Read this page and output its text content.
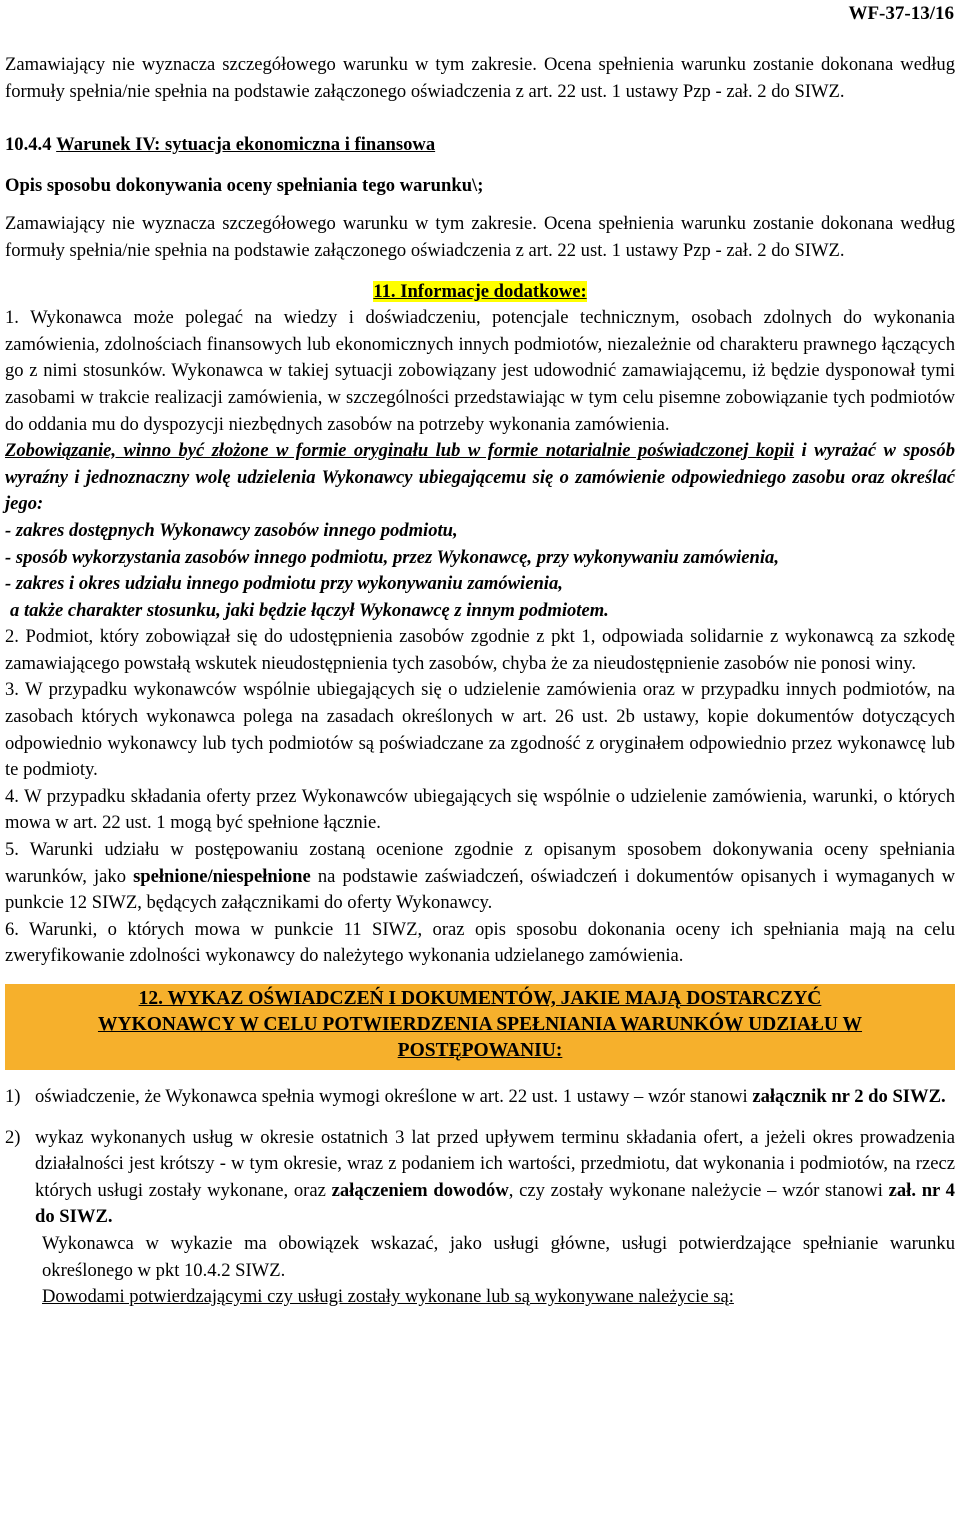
WF-37-13/16

Zamawiający nie wyznacza szczegółowego warunku w tym zakresie. Ocena spełnienia warunku zostanie dokonana według formuły spełnia/nie spełnia na podstawie załączonego oświadczenia z art. 22 ust. 1 ustawy Pzp - zał. 2 do SIWZ.

10.4.4 Warunek IV: sytuacja ekonomiczna i finansowa

Opis sposobu dokonywania oceny spełniania tego warunku\;

Zamawiający nie wyznacza szczegółowego warunku w tym zakresie. Ocena spełnienia warunku zostanie dokonana według formuły spełnia/nie spełnia na podstawie załączonego oświadczenia z art. 22 ust. 1 ustawy Pzp - zał. 2 do SIWZ.

11. Informacje dodatkowe:

1. Wykonawca może polegać na wiedzy i doświadczeniu, potencjale technicznym, osobach zdolnych do wykonania zamówienia, zdolnościach finansowych lub ekonomicznych innych podmiotów, niezależnie od charakteru prawnego łączących go z nimi stosunków. Wykonawca w takiej sytuacji zobowiązany jest udowodnić zamawiającemu, iż będzie dysponował tymi zasobami w trakcie realizacji zamówienia, w szczególności przedstawiając w tym celu pisemne zobowiązanie tych podmiotów do oddania mu do dyspozycji niezbędnych zasobów na potrzeby wykonania zamówienia.

Zobowiązanie, winno być złożone w formie oryginału lub w formie notarialnie poświadczonej kopii i wyrażać w sposób wyraźny i jednoznaczny wolę udzielenia Wykonawcy ubiegającemu się o zamówienie odpowiedniego zasobu oraz określać jego:

- zakres dostępnych Wykonawcy zasobów innego podmiotu,

- sposób wykorzystania zasobów innego podmiotu, przez Wykonawcę, przy wykonywaniu zamówienia,

- zakres i okres udziału innego podmiotu przy wykonywaniu zamówienia,

a także charakter stosunku, jaki będzie łączył Wykonawcę z innym podmiotem.

2. Podmiot, który zobowiązał się do udostępnienia zasobów zgodnie z pkt 1, odpowiada solidarnie z wykonawcą za szkodę zamawiającego powstałą wskutek nieudostępnienia tych zasobów, chyba że za nieudostępnienie zasobów nie ponosi winy.

3. W przypadku wykonawców wspólnie ubiegających się o udzielenie zamówienia oraz w przypadku innych podmiotów, na zasobach których wykonawca polega na zasadach określonych w art. 26 ust. 2b ustawy, kopie dokumentów dotyczących odpowiednio wykonawcy lub tych podmiotów są poświadczane za zgodność z oryginałem odpowiednio przez wykonawcę lub te podmioty.

4. W przypadku składania oferty przez Wykonawców ubiegających się wspólnie o udzielenie zamówienia, warunki, o których mowa w art. 22 ust. 1 mogą być spełnione łącznie.

5. Warunki udziału w postępowaniu zostaną ocenione zgodnie z opisanym sposobem dokonywania oceny spełniania warunków, jako spełnione/niespełnione na podstawie zaświadczeń, oświadczeń i dokumentów opisanych i wymaganych w punkcie 12 SIWZ, będących załącznikami do oferty Wykonawcy.

6. Warunki, o których mowa w punkcie 11 SIWZ, oraz opis sposobu dokonania oceny ich spełniania mają na celu zweryfikowanie zdolności wykonawcy do należytego wykonania udzielanego zamówienia.

12. WYKAZ OŚWIADCZEŃ I DOKUMENTÓW, JAKIE MAJĄ DOSTARCZYĆ
WYKONAWCY W CELU POTWIERDZENIA SPEŁNIANIA WARUNKÓW UDZIAŁU W
POSTĘPOWANIU:
1) oświadczenie, że Wykonawca spełnia wymogi określone w art. 22 ust. 1 ustawy – wzór stanowi załącznik nr 2 do SIWZ.
2) wykaz wykonanych usług w okresie ostatnich 3 lat przed upływem terminu składania ofert, a jeżeli okres prowadzenia działalności jest krótszy - w tym okresie, wraz z podaniem ich wartości, przedmiotu, dat wykonania i podmiotów, na rzecz których usługi zostały wykonane, oraz załączeniem dowodów, czy zostały wykonane należycie – wzór stanowi zał. nr 4 do SIWZ.

Wykonawca w wykazie ma obowiązek wskazać, jako usługi główne, usługi potwierdzające spełnianie warunku określonego w pkt 10.4.2 SIWZ.

Dowodami potwierdzającymi czy usługi zostały wykonane lub są wykonywane należycie są:
